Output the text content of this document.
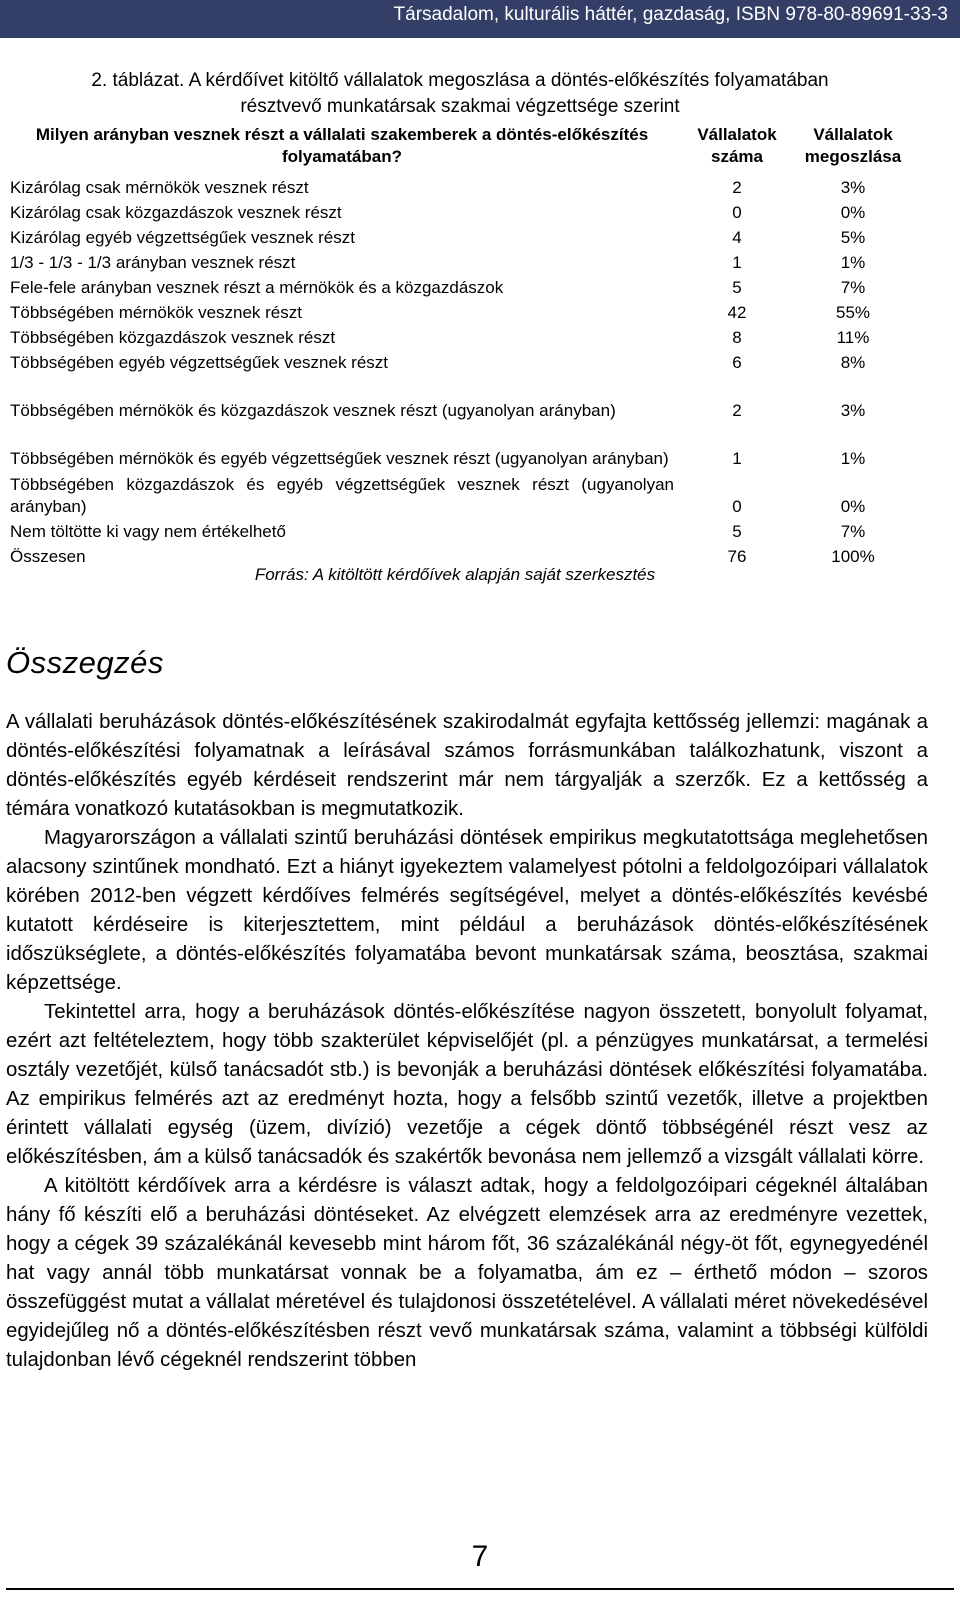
Társadalom, kulturális háttér, gazdaság, ISBN 978-80-89691-33-3
2. táblázat. A kérdőívet kitöltő vállalatok megoszlása a döntés-előkészítés folyamatában
résztvevő munkatársak szakmai végzettsége szerint
Milyen arányban vesznek részt a vállalati szakemberek a döntés-előkészítés folyamatában?	Vállalatok száma	Vállalatok megoszlása
Kizárólag csak mérnökök vesznek részt	2	3%
Kizárólag csak közgazdászok vesznek részt	0	0%
Kizárólag egyéb végzettségűek vesznek részt	4	5%
1/3 - 1/3 - 1/3 arányban vesznek részt	1	1%
Fele-fele arányban vesznek részt a mérnökök és a közgazdászok	5	7%
Többségében mérnökök vesznek részt	42	55%
Többségében közgazdászok vesznek részt	8	11%
Többségében egyéb végzettségűek vesznek részt	6	8%
Többségében mérnökök és közgazdászok vesznek részt (ugyanolyan arányban)	2	3%
Többségében mérnökök és egyéb végzettségűek vesznek részt (ugyanolyan arányban)	1	1%
Többségében közgazdászok és egyéb végzettségűek vesznek részt (ugyanolyan arányban)	0	0%
Nem töltötte ki vagy nem értékelhető	5	7%
Összesen	76	100%
Forrás: A kitöltött kérdőívek alapján saját szerkesztés
Összegzés

A vállalati beruházások döntés-előkészítésének szakirodalmát egyfajta kettősség jellemzi: magának a döntés-előkészítési folyamatnak a leírásával számos forrásmunkában találkozhatunk, viszont a döntés-előkészítés egyéb kérdéseit rendszerint már nem tárgyalják a szerzők. Ez a kettősség a témára vonatkozó kutatásokban is megmutatkozik.

Magyarországon a vállalati szintű beruházási döntések empirikus megkutatottsága meglehetősen alacsony szintűnek mondható. Ezt a hiányt igyekeztem valamelyest pótolni a feldolgozóipari vállalatok körében 2012-ben végzett kérdőíves felmérés segítségével, melyet a döntés-előkészítés kevésbé kutatott kérdéseire is kiterjesztettem, mint például a beruházások döntés-előkészítésének időszükséglete, a döntés-előkészítés folyamatába bevont munkatársak száma, beosztása, szakmai képzettsége.

Tekintettel arra, hogy a beruházások döntés-előkészítése nagyon összetett, bonyolult folyamat, ezért azt feltételeztem, hogy több szakterület képviselőjét (pl. a pénzügyes munkatársat, a termelési osztály vezetőjét, külső tanácsadót stb.) is bevonják a beruházási döntések előkészítési folyamatába. Az empirikus felmérés azt az eredményt hozta, hogy a felsőbb szintű vezetők, illetve a projektben érintett vállalati egység (üzem, divízió) vezetője a cégek döntő többségénél részt vesz az előkészítésben, ám a külső tanácsadók és szakértők bevonása nem jellemző a vizsgált vállalati körre.

A kitöltött kérdőívek arra a kérdésre is választ adtak, hogy a feldolgozóipari cégeknél általában hány fő készíti elő a beruházási döntéseket. Az elvégzett elemzések arra az eredményre vezettek, hogy a cégek 39 százalékánál kevesebb mint három főt, 36 százalékánál négy-öt főt, egynegyedénél hat vagy annál több munkatársat vonnak be a folyamatba, ám ez – érthető módon – szoros összefüggést mutat a vállalat méretével és tulajdonosi összetételével. A vállalati méret növekedésével egyidejűleg nő a döntés-előkészítésben részt vevő munkatársak száma, valamint a többségi külföldi tulajdonban lévő cégeknél rendszerint többen

7
